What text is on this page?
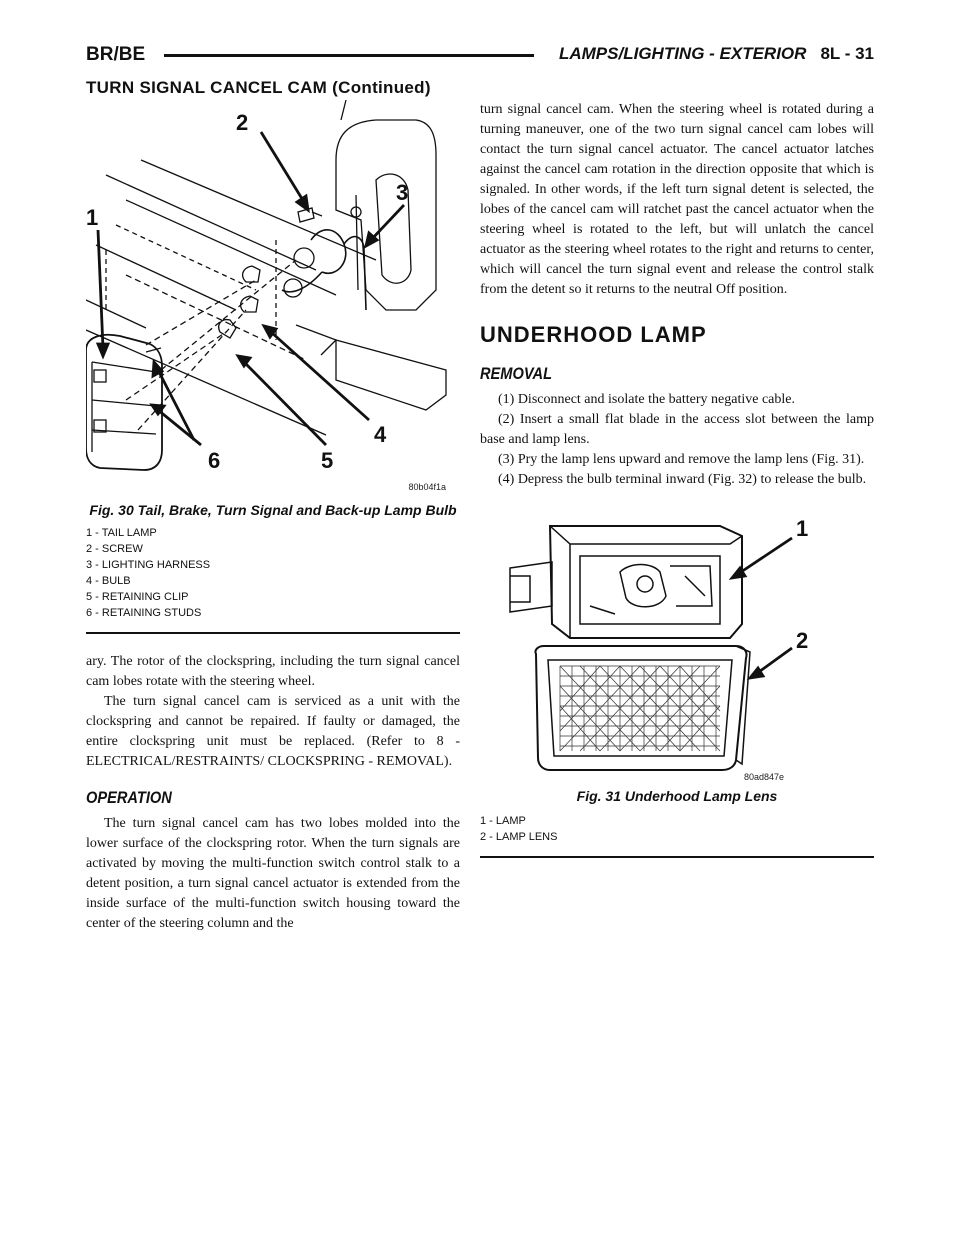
BR/BE	LAMPS/LIGHTING - EXTERIOR 8L - 31
TURN SIGNAL CANCEL CAM (Continued)
1
2
3
4
5
6
80b04f1a
Fig. 30 Tail, Brake, Turn Signal and Back-up Lamp Bulb
1 - TAIL LAMP
2 - SCREW
3 - LIGHTING HARNESS
4 - BULB
5 - RETAINING CLIP
6 - RETAINING STUDS

ary. The rotor of the clockspring, including the turn signal cancel cam lobes rotate with the steering wheel.

The turn signal cancel cam is serviced as a unit with the clockspring and cannot be repaired. If faulty or damaged, the entire clockspring unit must be replaced. (Refer to 8 - ELECTRICAL/RESTRAINTS/ CLOCKSPRING - REMOVAL).

OPERATION

The turn signal cancel cam has two lobes molded into the lower surface of the clockspring rotor. When the turn signals are activated by moving the multi-function switch control stalk to a detent position, a turn signal cancel actuator is extended from the inside surface of the multi-function switch housing toward the center of the steering column and the

turn signal cancel cam. When the steering wheel is rotated during a turning maneuver, one of the two turn signal cancel cam lobes will contact the turn signal cancel actuator. The cancel actuator latches against the cancel cam rotation in the direction opposite that which is signaled. In other words, if the left turn signal detent is selected, the lobes of the cancel cam will ratchet past the cancel actuator when the steering wheel is rotated to the left, but will unlatch the cancel actuator as the steering wheel rotates to the right and returns to center, which will cancel the turn signal event and release the control stalk from the detent so it returns to the neutral Off position.

UNDERHOOD LAMP
REMOVAL

(1) Disconnect and isolate the battery negative cable.

(2) Insert a small flat blade in the access slot between the lamp base and lamp lens.

(3) Pry the lamp lens upward and remove the lamp lens (Fig. 31).

(4) Depress the bulb terminal inward (Fig. 32) to release the bulb.

1
2
80ad847e
Fig. 31 Underhood Lamp Lens
1 - LAMP
2 - LAMP LENS
